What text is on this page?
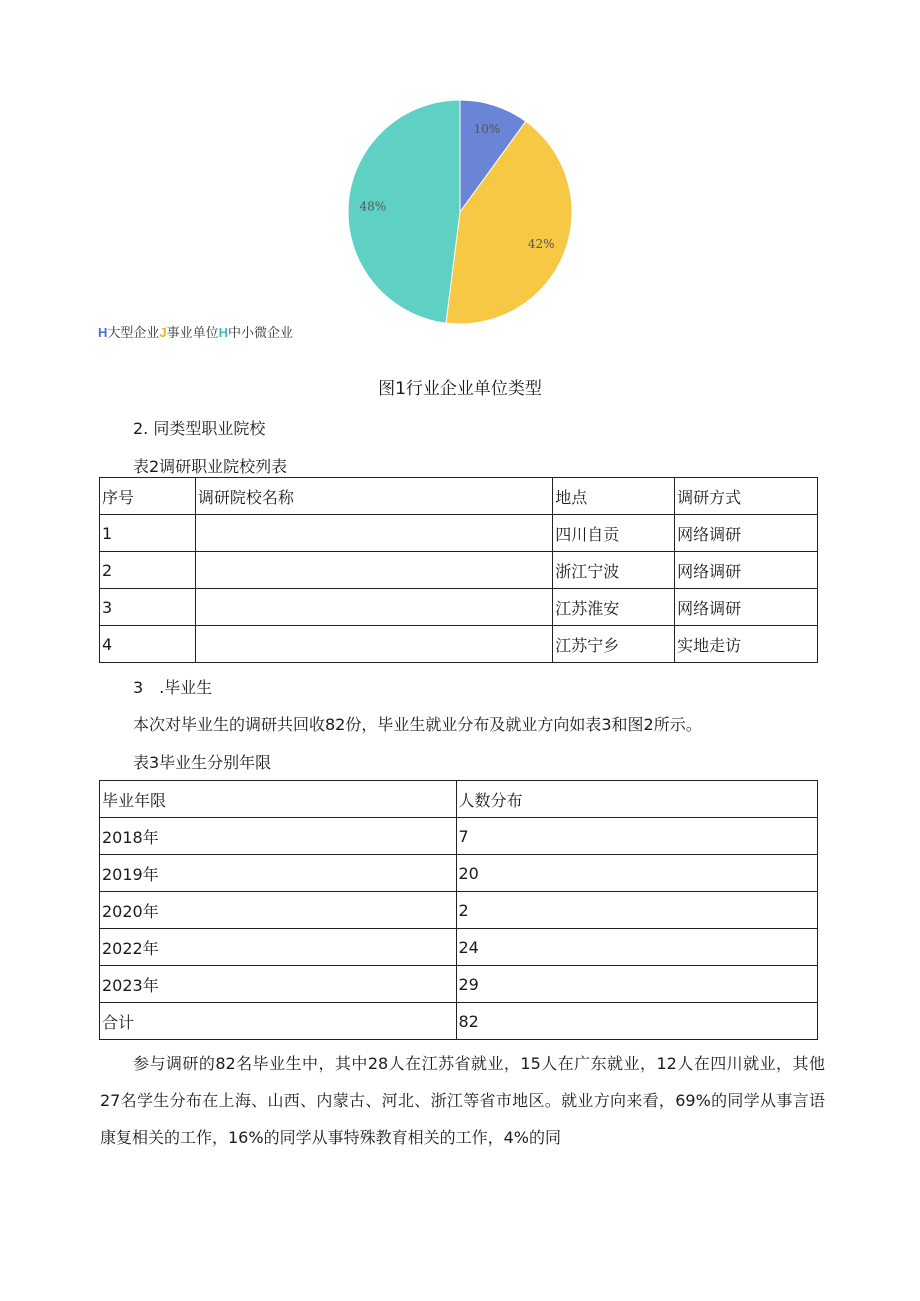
10%
42%
48%
H大型企业J事业单位H中小微企业
图1行业企业单位类型
2. 同类型职业院校
表2调研职业院校列表
序号	调研院校名称	地点	调研方式
1		四川自贡	网络调研
2		浙江宁波	网络调研
3		江苏淮安	网络调研
4		江苏宁乡	实地走访
3　.毕业生
本次对毕业生的调研共回收82份，毕业生就业分布及就业方向如表3和图2所示。
表3毕业生分别年限
毕业年限	人数分布
2018年	7
2019年	20
2020年	2
2022年	24
2023年	29
合计	82
参与调研的82名毕业生中，其中28人在江苏省就业，15人在广东就业，12人在四川就业，其他27名学生分布在上海、山西、内蒙古、河北、浙江等省市地区。就业方向来看，69%的同学从事言语康复相关的工作，16%的同学从事特殊教育相关的工作，4%的同
